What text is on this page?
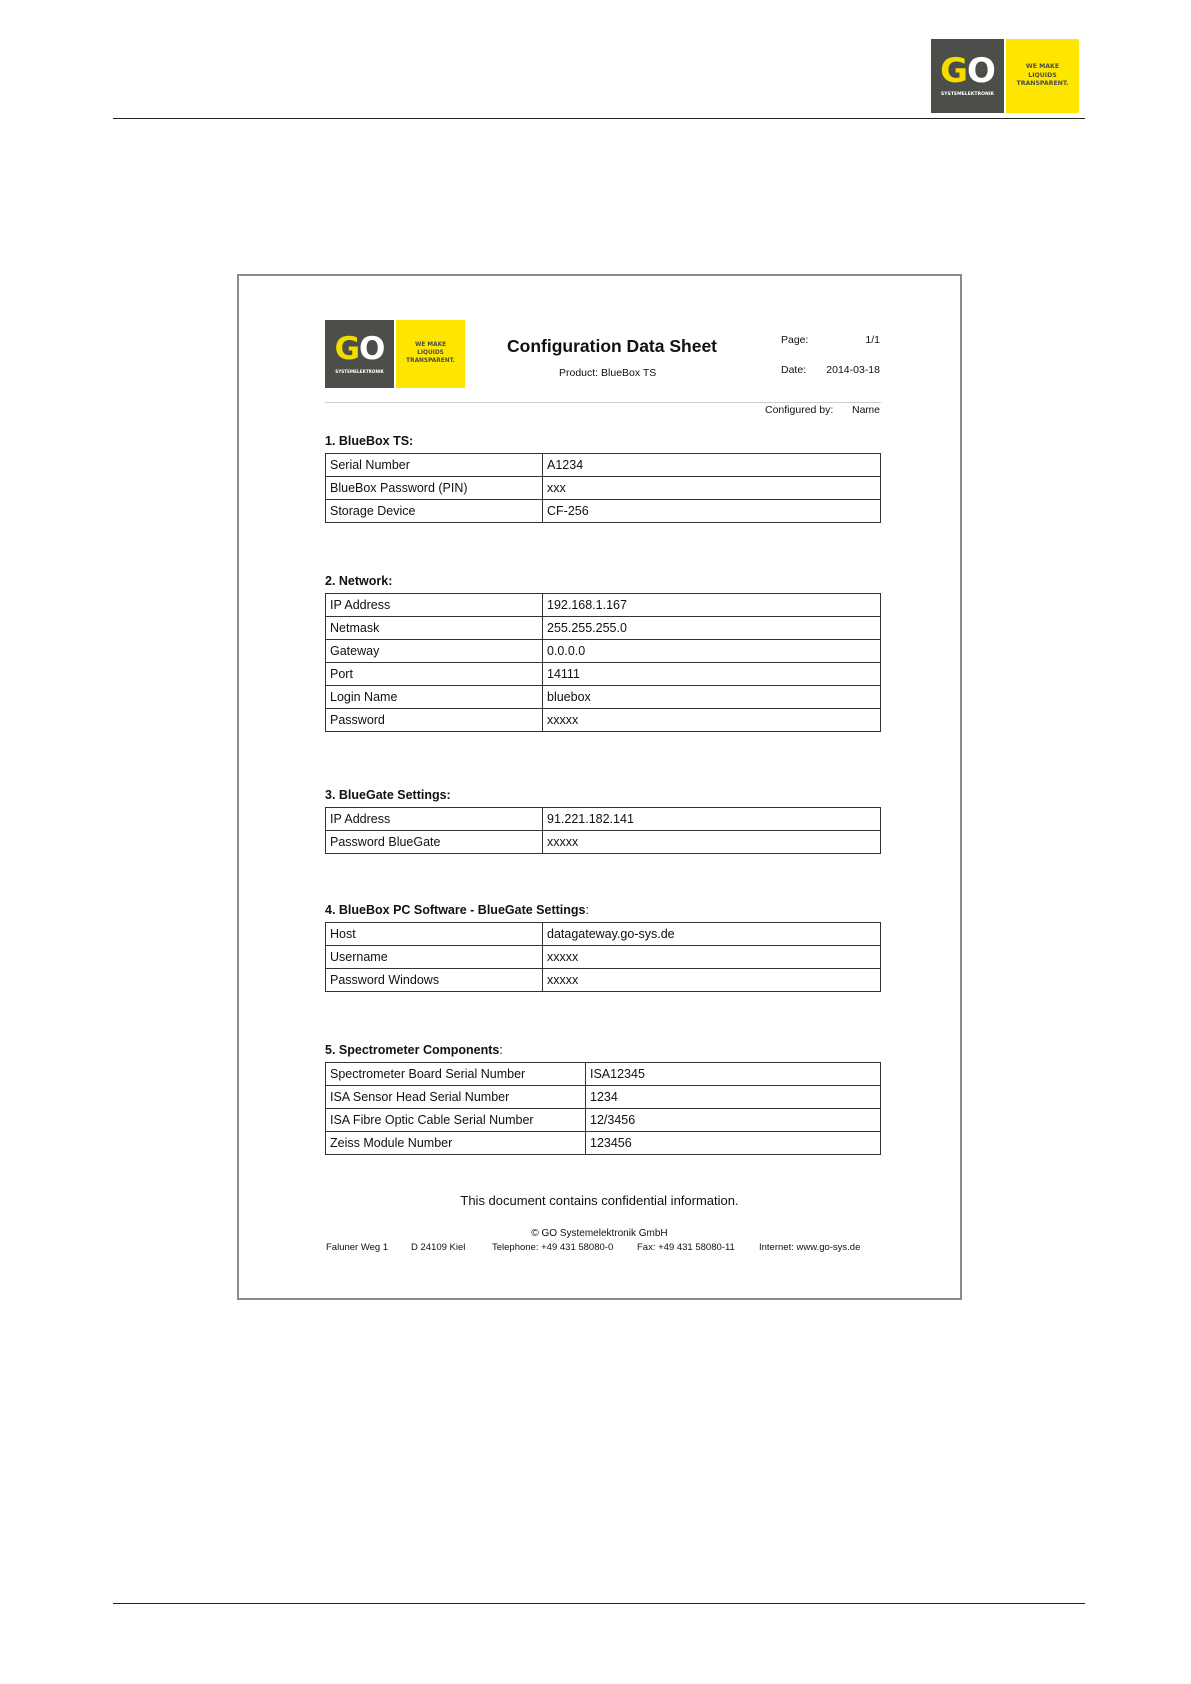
GO
SYSTEMELEKTRONIK
WE MAKE
LIQUIDS
TRANSPARENT.
GO
SYSTEMELEKTRONIK
WE MAKE
LIQUIDS
TRANSPARENT.
Configuration Data Sheet
Product: BlueBox TS
Page:	1/1
Date: 2014-03-18
Configured by: Name
1. BlueBox TS:
Serial Number	A1234
BlueBox Password (PIN)	xxx
Storage Device	CF-256
2. Network:
IP Address	192.168.1.167
Netmask	255.255.255.0
Gateway	0.0.0.0
Port	14111
Login Name	bluebox
Password	xxxxx
3. BlueGate Settings:
IP Address	91.221.182.141
Password BlueGate	xxxxx
4. BlueBox PC Software - BlueGate Settings:
Host	datagateway.go-sys.de
Username	xxxxx
Password Windows	xxxxx
5. Spectrometer Components:
Spectrometer Board Serial Number	ISA12345
ISA Sensor Head Serial Number	1234
ISA Fibre Optic Cable Serial Number	12/3456
Zeiss Module Number	123456
This document contains confidential information.
© GO Systemelektronik GmbH
Faluner Weg 1 D 24109 Kiel	Telephone: +49 431 58080-0	Fax: +49 431 58080-11	Internet: www.go-sys.de
